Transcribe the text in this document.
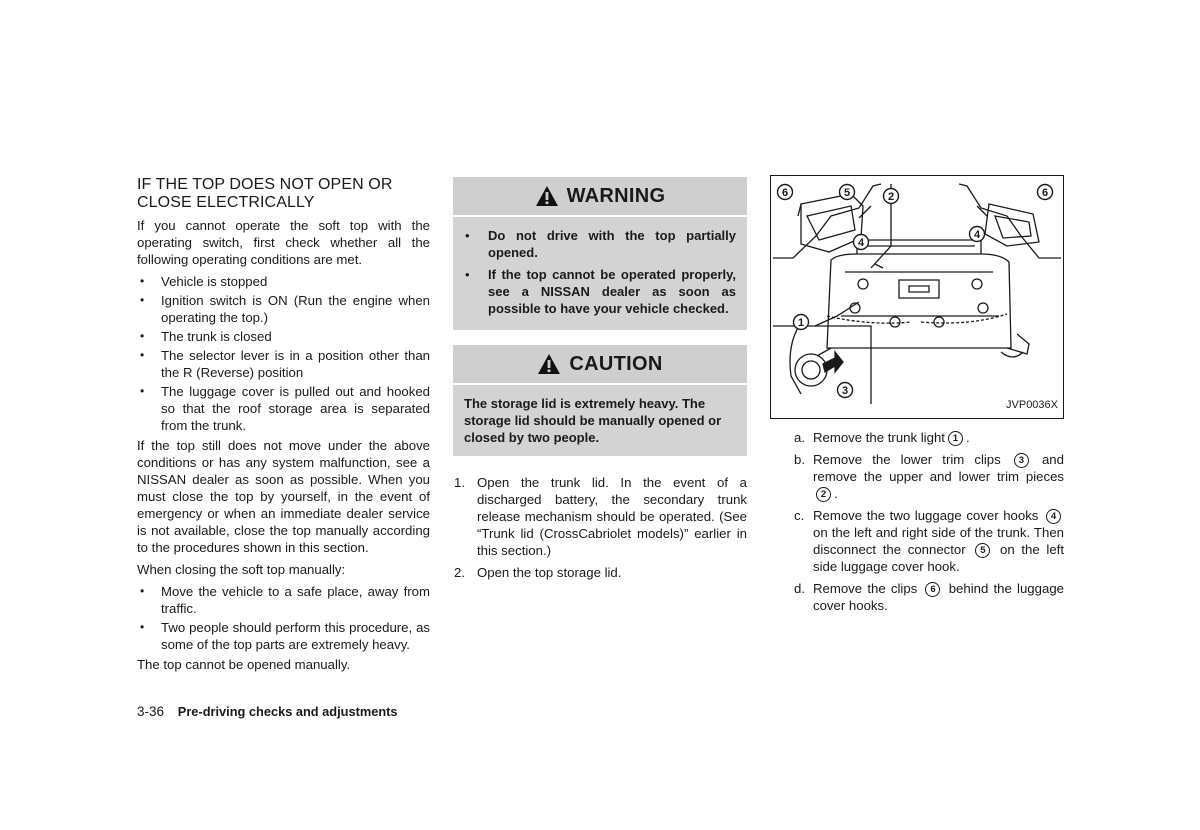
IF THE TOP DOES NOT OPEN OR CLOSE ELECTRICALLY

If you cannot operate the soft top with the operating switch, first check whether all the following operating conditions are met.

• Vehicle is stopped
• Ignition switch is ON (Run the engine when operating the top.)
• The trunk is closed
• The selector lever is in a position other than the R (Reverse) position
• The luggage cover is pulled out and hooked so that the roof storage area is separated from the trunk.

If the top still does not move under the above conditions or has any system malfunction, see a NISSAN dealer as soon as possible. When you must close the top by yourself, in the event of emergency or when an immediate dealer service is not available, close the top manually according to the procedures shown in this section.

When closing the soft top manually:

• Move the vehicle to a safe place, away from traffic.
• Two people should perform this procedure, as some of the top parts are extremely heavy.

The top cannot be opened manually.

3-36 Pre-driving checks and adjustments
WARNING
• Do not drive with the top partially opened.
• If the top cannot be operated properly, see a NISSAN dealer as soon as possible to have your vehicle checked.
CAUTION

The storage lid is extremely heavy. The storage lid should be manually opened or closed by two people.

1. Open the trunk lid. In the event of a discharged battery, the secondary trunk release mechanism should be operated. (See “Trunk lid (CrossCabriolet models)” earlier in this section.)
2. Open the top storage lid.
6	5
4
2	6
4
1
3
JVP0036X
a. Remove the trunk light 1 .
b. Remove the lower trim clips 3 and remove the upper and lower trim pieces 2 .
c. Remove the two luggage cover hooks 4 on the left and right side of the trunk. Then disconnect the connector 5 on the left side luggage cover hook.
d. Remove the clips 6 behind the luggage cover hooks.
